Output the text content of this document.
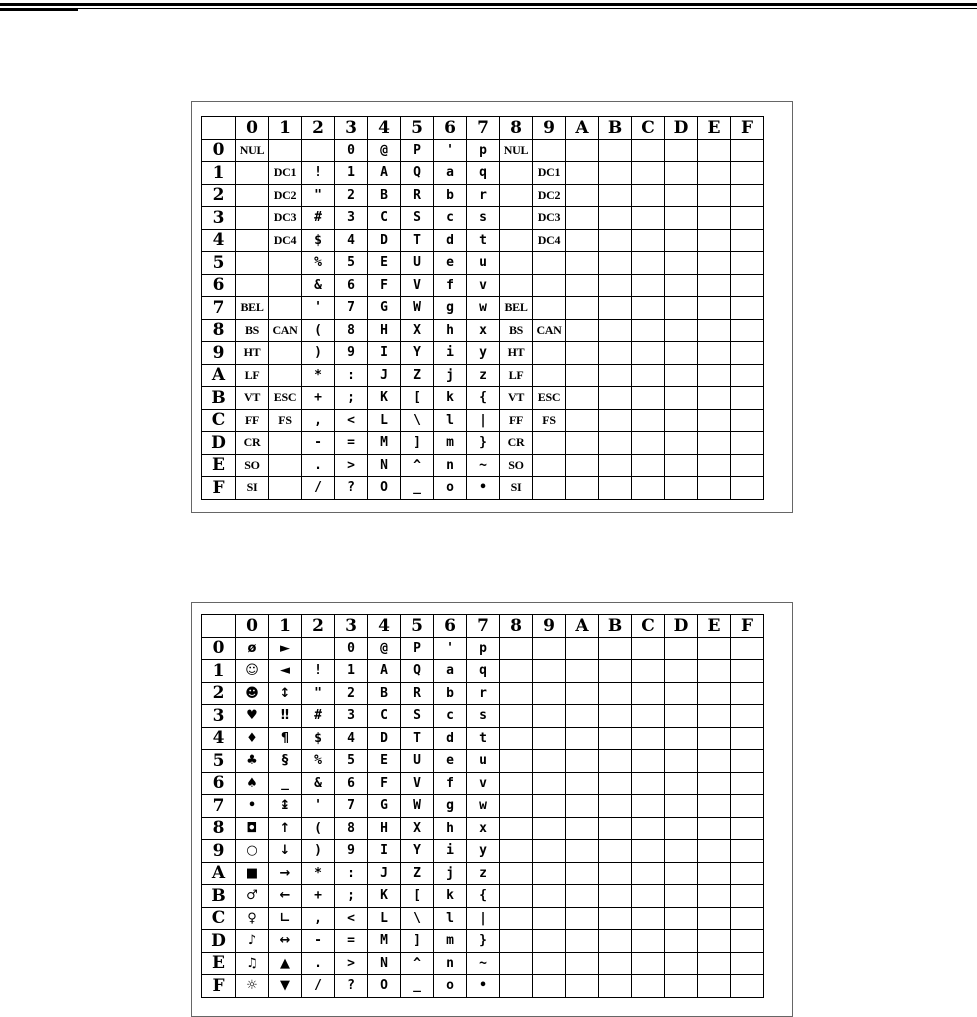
	0	1	2	3	4	5	6	7	8	9	A	B	C	D	E	F
0	NUL			0	@	P	'	p	NUL							
1		DC1	!	1	A	Q	a	q		DC1						
2		DC2	"	2	B	R	b	r		DC2						
3		DC3	#	3	C	S	c	s		DC3						
4		DC4	$	4	D	T	d	t		DC4						
5			%	5	E	U	e	u								
6			&	6	F	V	f	v								
7	BEL		'	7	G	W	g	w	BEL							
8	BS	CAN	(	8	H	X	h	x	BS	CAN						
9	HT		)	9	I	Y	i	y	HT							
A	LF		*	:	J	Z	j	z	LF							
B	VT	ESC	+	;	K	[	k	{	VT	ESC						
C	FF	FS	,	<	L	\	l	|	FF	FS						
D	CR		-	=	M	]	m	}	CR							
E	SO		.	>	N	^	n	~	SO							
F	SI		/	?	O	_	o	•	SI							
	0	1	2	3	4	5	6	7	8	9	A	B	C	D	E	F
0	ø	►		0	@	P	'	p								
1	☺	◄	!	1	A	Q	a	q								
2	☻	↕	"	2	B	R	b	r								
3	♥	‼	#	3	C	S	c	s								
4	♦	¶	$	4	D	T	d	t								
5	♣	§	%	5	E	U	e	u								
6	♠	_	&	6	F	V	f	v								
7	•	↨	'	7	G	W	g	w								
8	◘	↑	(	8	H	X	h	x								
9	○	↓	)	9	I	Y	i	y								
A	■	→	*	:	J	Z	j	z								
B	♂	←	+	;	K	[	k	{								
C	♀	∟	,	<	L	\	l	|								
D	♪	↔	-	=	M	]	m	}								
E	♫	▲	.	>	N	^	n	~								
F	☼	▼	/	?	O	_	o	•								
